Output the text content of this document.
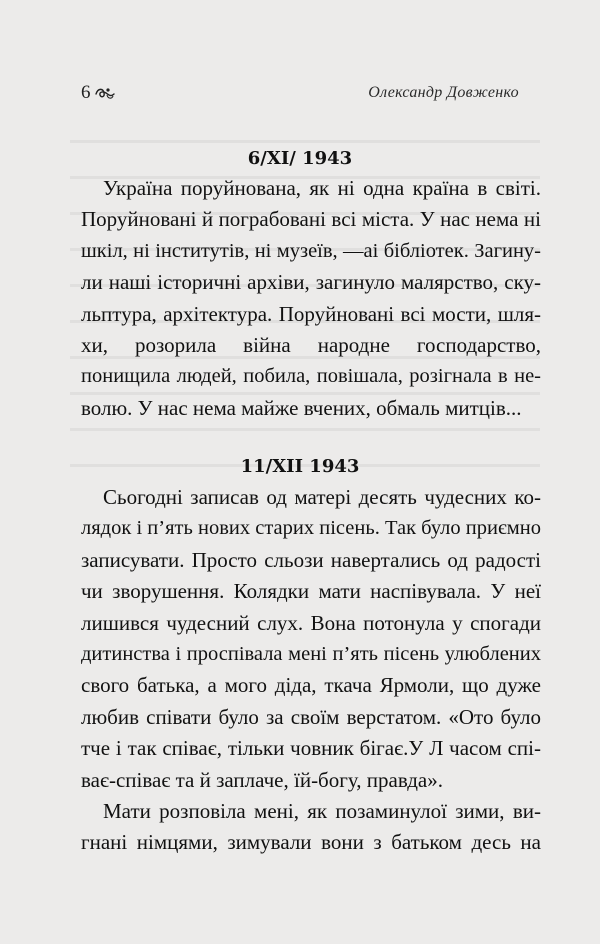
6	Олександр Довженко
6/XI/ 1943
Україна поруйнована, як ні одна країна в світі.
Поруйновані й пограбовані всі міста. У нас нема ні
шкіл, ні інститутів, ні музеїв, —аі бібліотек. Загину-
ли наші історичні архіви, загинуло малярство, ску-
льптура, архітектура. Поруйновані всі мости, шля-
хи, розорила війна народне господарство,
понищила людей, побила, повішала, розігнала в не-
волю. У нас нема майже вчених, обмаль митців...
11/XII 1943
Сьогодні записав од матері десять чудесних ко-
лядок і п’ять нових старих пісень. Так було приємно
записувати. Просто сльози навертались од радості
чи зворушення. Колядки мати наспівувала. У неї
лишився чудесний слух. Вона потонула у спогади
дитинства і проспівала мені п’ять пісень улюблених
свого батька, а мого діда, ткача Ярмоли, що дуже
любив співати було за своїм верстатом. «Ото було
тче і так співає, тільки човник бігає.У Л часом спі-
ває-співає та й заплаче, їй-богу, правда».
Мати розповіла мені, як позаминулої зими, ви-
гнані німцями, зимували вони з батьком десь на
